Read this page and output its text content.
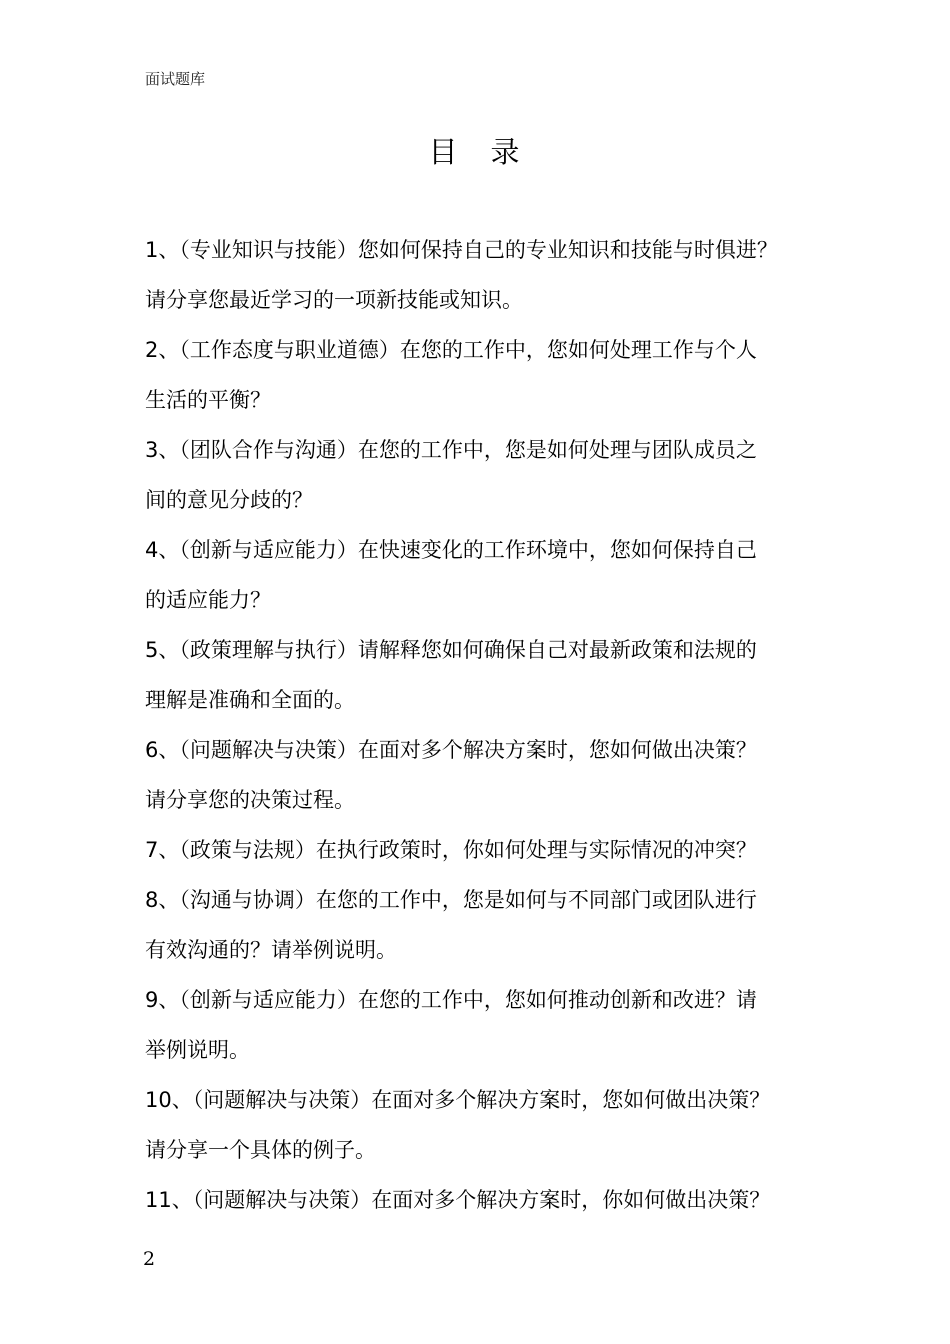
面试题库
目　录
1、（专业知识与技能）您如何保持自己的专业知识和技能与时俱进？
请分享您最近学习的一项新技能或知识。
2、（工作态度与职业道德）在您的工作中，您如何处理工作与个人
生活的平衡？
3、（团队合作与沟通）在您的工作中，您是如何处理与团队成员之
间的意见分歧的？
4、（创新与适应能力）在快速变化的工作环境中，您如何保持自己
的适应能力？
5、（政策理解与执行）请解释您如何确保自己对最新政策和法规的
理解是准确和全面的。
6、（问题解决与决策）在面对多个解决方案时，您如何做出决策？
请分享您的决策过程。
7、（政策与法规）在执行政策时，你如何处理与实际情况的冲突？
8、（沟通与协调）在您的工作中，您是如何与不同部门或团队进行
有效沟通的？请举例说明。
9、（创新与适应能力）在您的工作中，您如何推动创新和改进？请
举例说明。
10、（问题解决与决策）在面对多个解决方案时，您如何做出决策？
请分享一个具体的例子。
11、（问题解决与决策）在面对多个解决方案时，你如何做出决策？
2
